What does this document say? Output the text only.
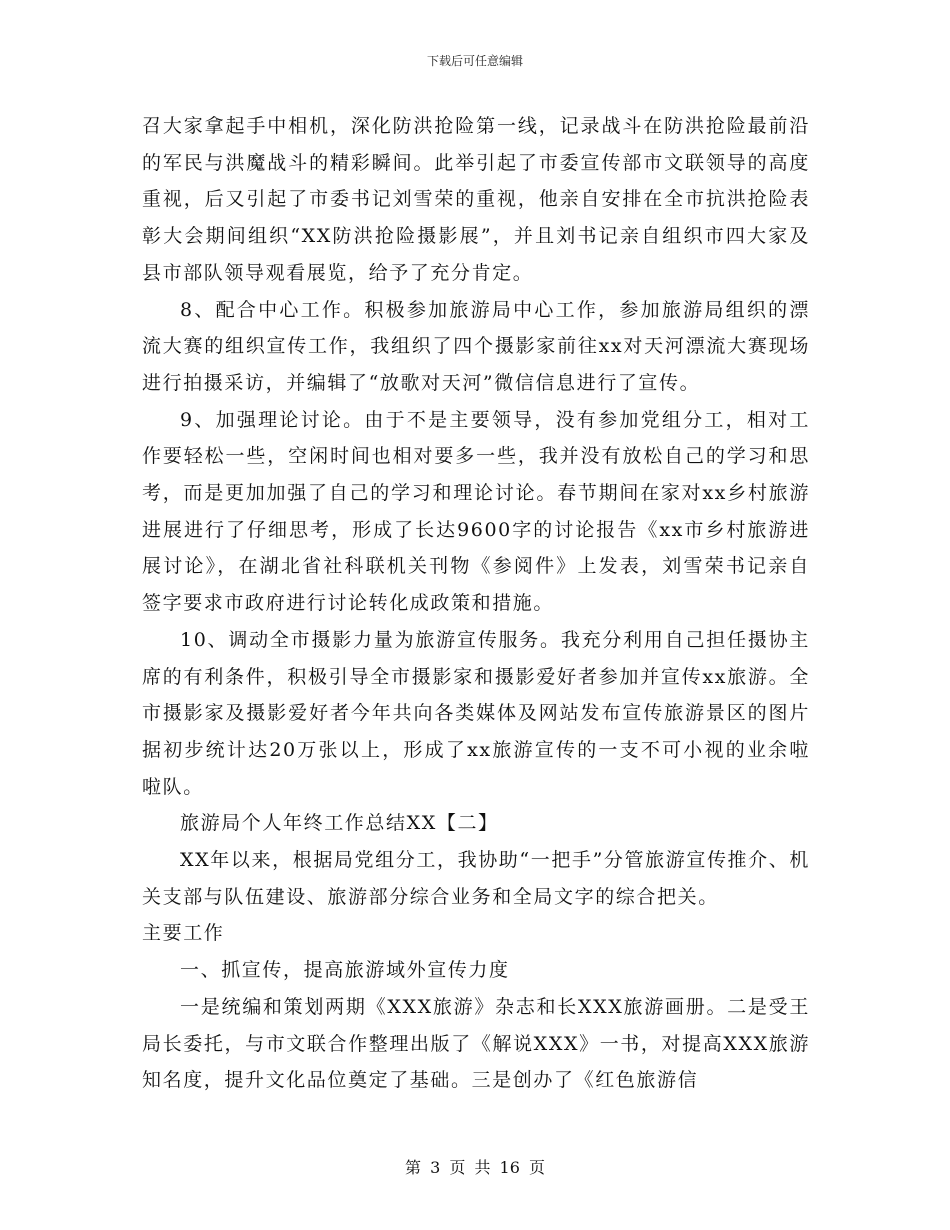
下载后可任意编辑

召大家拿起手中相机，深化防洪抢险第一线，记录战斗在防洪抢险最前沿的军民与洪魔战斗的精彩瞬间。此举引起了市委宣传部市文联领导的高度重视，后又引起了市委书记刘雪荣的重视，他亲自安排在全市抗洪抢险表彰大会期间组织“XX防洪抢险摄影展”，并且刘书记亲自组织市四大家及县市部队领导观看展览，给予了充分肯定。

8、配合中心工作。积极参加旅游局中心工作，参加旅游局组织的漂流大赛的组织宣传工作，我组织了四个摄影家前往xx对天河漂流大赛现场进行拍摄采访，并编辑了“放歌对天河”微信信息进行了宣传。

9、加强理论讨论。由于不是主要领导，没有参加党组分工，相对工作要轻松一些，空闲时间也相对要多一些，我并没有放松自己的学习和思考，而是更加加强了自己的学习和理论讨论。春节期间在家对xx乡村旅游进展进行了仔细思考，形成了长达9600字的讨论报告《xx市乡村旅游进展讨论》，在湖北省社科联机关刊物《参阅件》上发表，刘雪荣书记亲自签字要求市政府进行讨论转化成政策和措施。

10、调动全市摄影力量为旅游宣传服务。我充分利用自己担任摄协主席的有利条件，积极引导全市摄影家和摄影爱好者参加并宣传xx旅游。全市摄影家及摄影爱好者今年共向各类媒体及网站发布宣传旅游景区的图片据初步统计达20万张以上，形成了xx旅游宣传的一支不可小视的业余啦啦队。

旅游局个人年终工作总结XX【二】

XX年以来，根据局党组分工，我协助“一把手”分管旅游宣传推介、机关支部与队伍建设、旅游部分综合业务和全局文字的综合把关。

主要工作

一、抓宣传，提高旅游域外宣传力度

一是统编和策划两期《XXX旅游》杂志和长XXX旅游画册。二是受王局长委托，与市文联合作整理出版了《解说XXX》一书，对提高XXX旅游知名度，提升文化品位奠定了基础。三是创办了《红色旅游信

第 3 页 共 16 页
